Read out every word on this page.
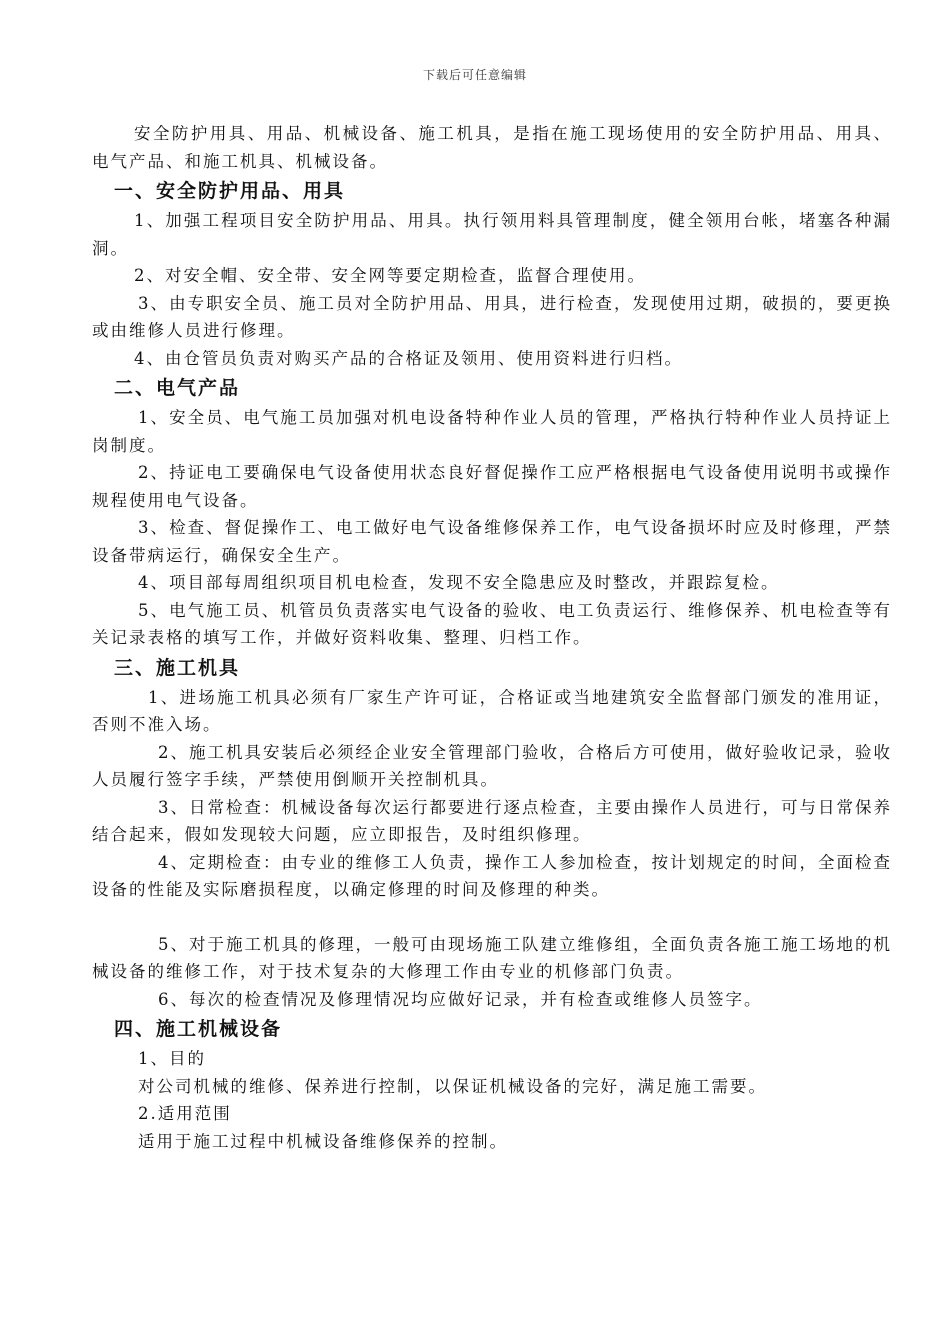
下载后可任意编辑

安全防护用具、用品、机械设备、施工机具，是指在施工现场使用的安全防护用品、用具、电气产品、和施工机具、机械设备。

一、安全防护用品、用具

1、加强工程项目安全防护用品、用具。执行领用料具管理制度，健全领用台帐，堵塞各种漏洞。

2、对安全帽、安全带、安全网等要定期检查，监督合理使用。

3、由专职安全员、施工员对全防护用品、用具，进行检查，发现使用过期，破损的，要更换或由维修人员进行修理。

4、由仓管员负责对购买产品的合格证及领用、使用资料进行归档。

二、电气产品

1、安全员、电气施工员加强对机电设备特种作业人员的管理，严格执行特种作业人员持证上岗制度。

2、持证电工要确保电气设备使用状态良好督促操作工应严格根据电气设备使用说明书或操作规程使用电气设备。

3、检查、督促操作工、电工做好电气设备维修保养工作，电气设备损坏时应及时修理，严禁设备带病运行，确保安全生产。

4、项目部每周组织项目机电检查，发现不安全隐患应及时整改，并跟踪复检。

5、电气施工员、机管员负责落实电气设备的验收、电工负责运行、维修保养、机电检查等有关记录表格的填写工作，并做好资料收集、整理、归档工作。

三、施工机具

1、进场施工机具必须有厂家生产许可证，合格证或当地建筑安全监督部门颁发的准用证，否则不准入场。

2、施工机具安装后必须经企业安全管理部门验收，合格后方可使用，做好验收记录，验收人员履行签字手续，严禁使用倒顺开关控制机具。

3、日常检查：机械设备每次运行都要进行逐点检查，主要由操作人员进行，可与日常保养结合起来，假如发现较大问题，应立即报告，及时组织修理。

4、定期检查：由专业的维修工人负责，操作工人参加检查，按计划规定的时间，全面检查设备的性能及实际磨损程度，以确定修理的时间及修理的种类。

5、对于施工机具的修理，一般可由现场施工队建立维修组，全面负责各施工施工场地的机械设备的维修工作，对于技术复杂的大修理工作由专业的机修部门负责。

6、每次的检查情况及修理情况均应做好记录，并有检查或维修人员签字。

四、施工机械设备

1、目的

对公司机械的维修、保养进行控制，以保证机械设备的完好，满足施工需要。

2.适用范围

适用于施工过程中机械设备维修保养的控制。
